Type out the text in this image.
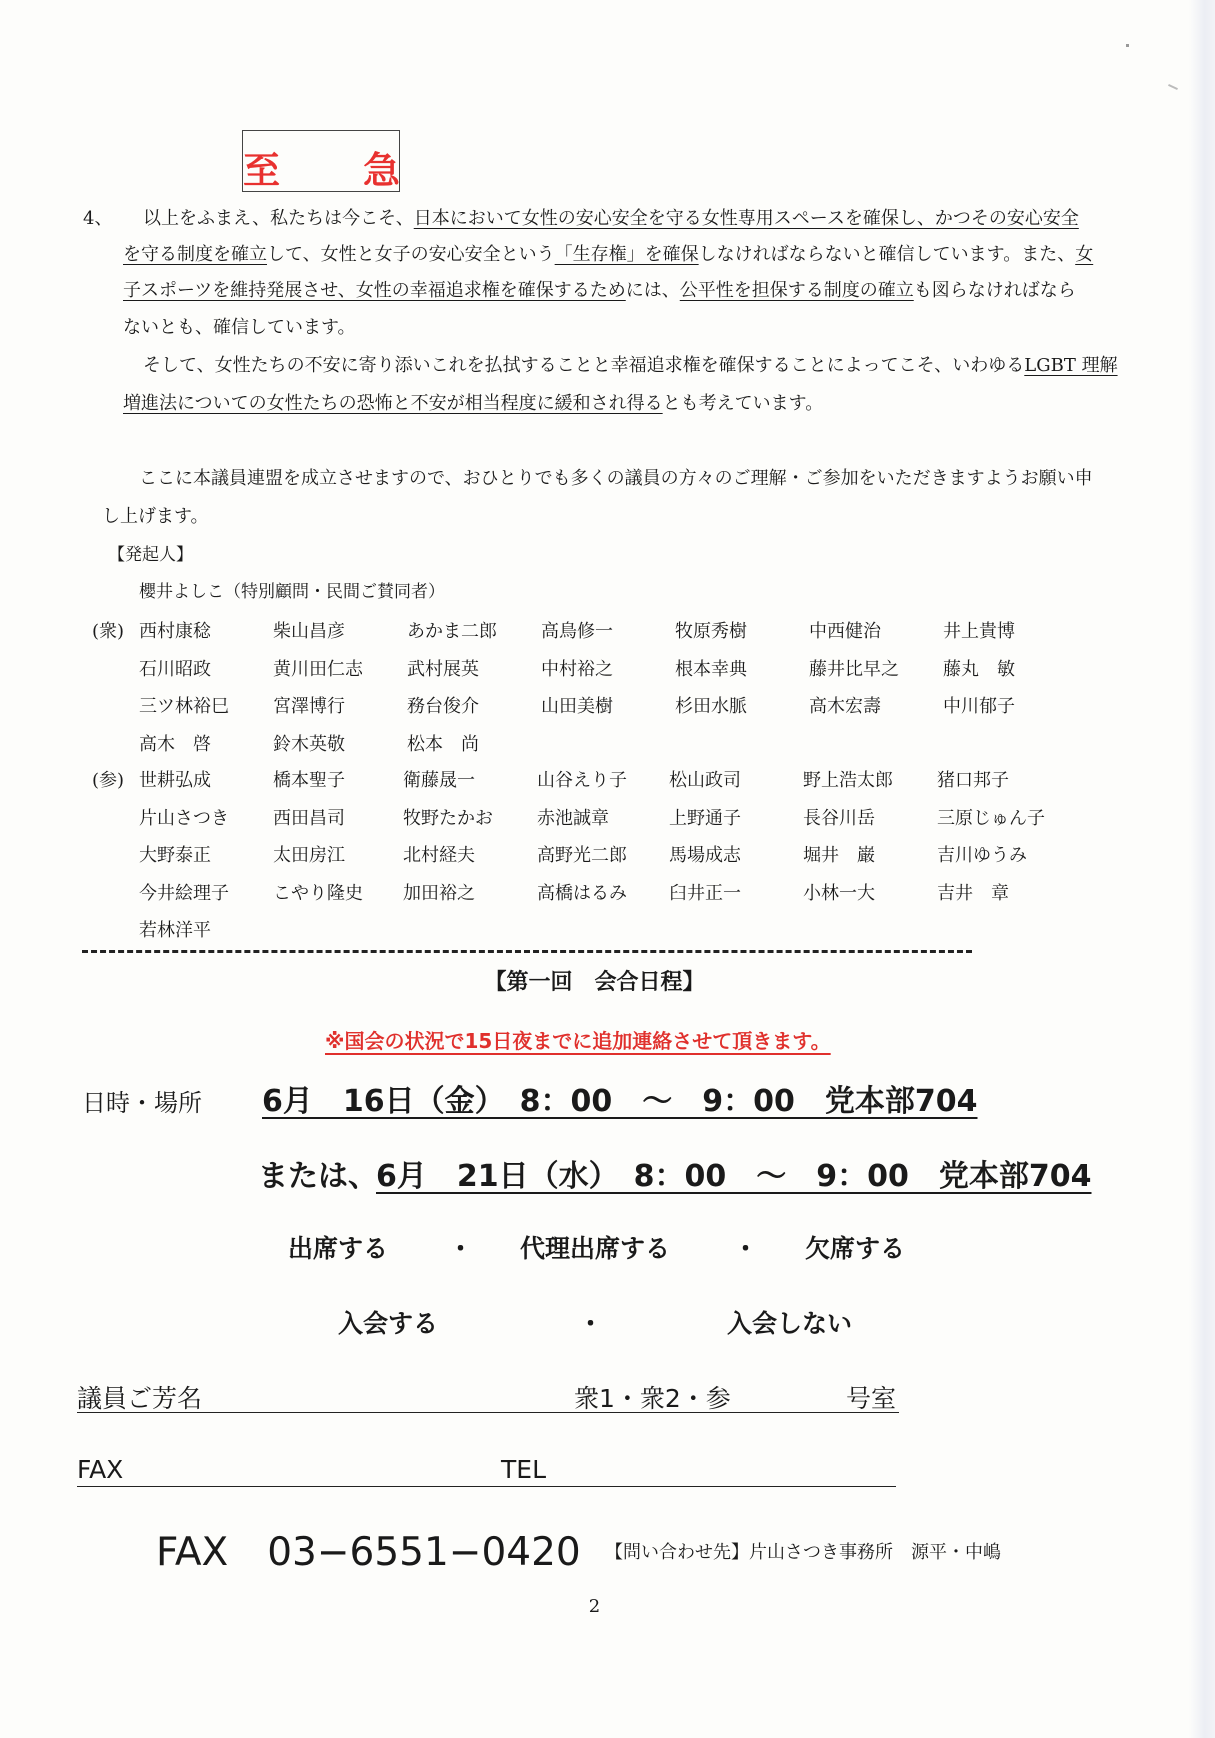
至 急
4、 以上をふまえ、私たちは今こそ、日本において女性の安心安全を守る女性専用スペースを確保し、かつその安心安全
を守る制度を確立して、女性と女子の安心安全という「生存権」を確保しなければならないと確信しています。また、女
子スポーツを維持発展させ、女性の幸福追求権を確保するためには、公平性を担保する制度の確立も図らなければなら
ないとも、確信しています。
そして、女性たちの不安に寄り添いこれを払拭することと幸福追求権を確保することによってこそ、いわゆるLGBT 理解
増進法についての女性たちの恐怖と不安が相当程度に緩和され得るとも考えています。
ここに本議員連盟を成立させますので、おひとりでも多くの議員の方々のご理解・ご参加をいただきますようお願い申
し上げます。
【発起人】
櫻井よしこ（特別顧問・民間ご賛同者）
(衆) 西村康稔	柴山昌彦	あかま二郎 高鳥修一	牧原秀樹	中西健治	井上貴博
石川昭政	黄川田仁志 武村展英	中村裕之	根本幸典	藤井比早之 藤丸　敏
三ツ林裕巳 宮澤博行	務台俊介	山田美樹	杉田水脈	高木宏壽	中川郁子
高木　啓	鈴木英敬	松本　尚
(参) 世耕弘成	橋本聖子	衛藤晟一	山谷えり子 松山政司	野上浩太郎 猪口邦子
片山さつき 西田昌司	牧野たかお 赤池誠章	上野通子	長谷川岳	三原じゅん子
大野泰正	太田房江	北村経夫	高野光二郎 馬場成志	堀井　巌	吉川ゆうみ
今井絵理子 こやり隆史 加田裕之	高橋はるみ 臼井正一	小林一大	吉井　章
若林洋平
【第一回　会合日程】
※国会の状況で15日夜までに追加連絡させて頂きます。
日時・場所 6月　16日（金）　8：00　～　9：00　党本部704
または、
6月　21日（水）　8：00　～　9：00　党本部704
出席する ・ 代理出席する	・ 欠席する
入会する	・	入会しない
議員ご芳名	衆1・衆2・参	号室
FAX	TEL
FAX　03−6551−0420 【問い合わせ先】片山さつき事務所　源平・中嶋
2
